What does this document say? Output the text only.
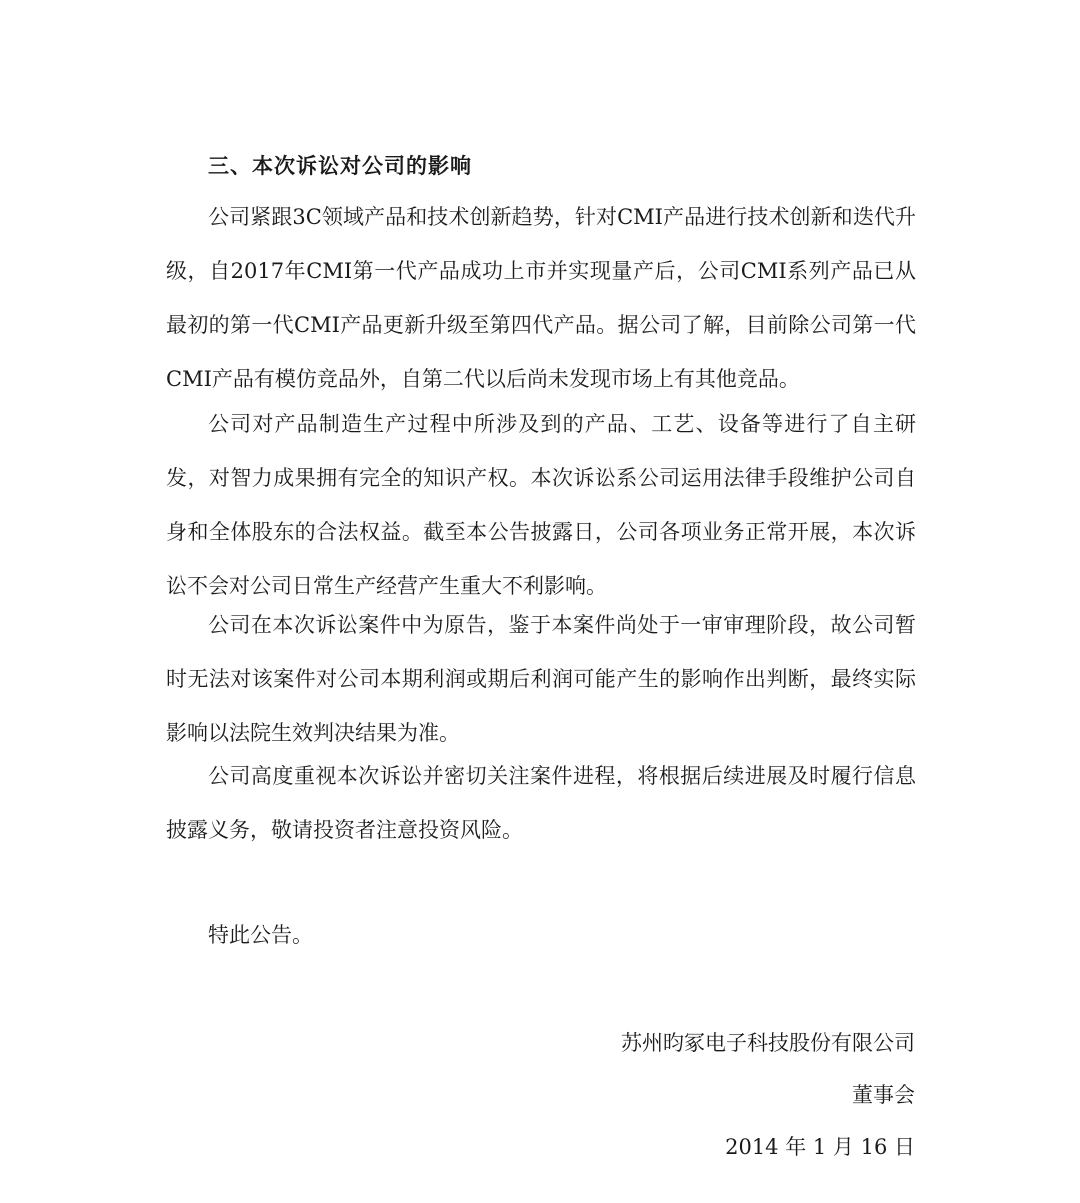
三、本次诉讼对公司的影响

公司紧跟3C领域产品和技术创新趋势，针对CMI产品进行技术创新和迭代升级，自2017年CMI第一代产品成功上市并实现量产后，公司CMI系列产品已从最初的第一代CMI产品更新升级至第四代产品。据公司了解，目前除公司第一代CMI产品有模仿竞品外，自第二代以后尚未发现市场上有其他竞品。

公司对产品制造生产过程中所涉及到的产品、工艺、设备等进行了自主研发，对智力成果拥有完全的知识产权。本次诉讼系公司运用法律手段维护公司自身和全体股东的合法权益。截至本公告披露日，公司各项业务正常开展，本次诉讼不会对公司日常生产经营产生重大不利影响。

公司在本次诉讼案件中为原告，鉴于本案件尚处于一审审理阶段，故公司暂时无法对该案件对公司本期利润或期后利润可能产生的影响作出判断，最终实际影响以法院生效判决结果为准。

公司高度重视本次诉讼并密切关注案件进程，将根据后续进展及时履行信息披露义务，敬请投资者注意投资风险。

特此公告。
苏州昀冢电子科技股份有限公司
董事会
2014 年 1 月 16 日
